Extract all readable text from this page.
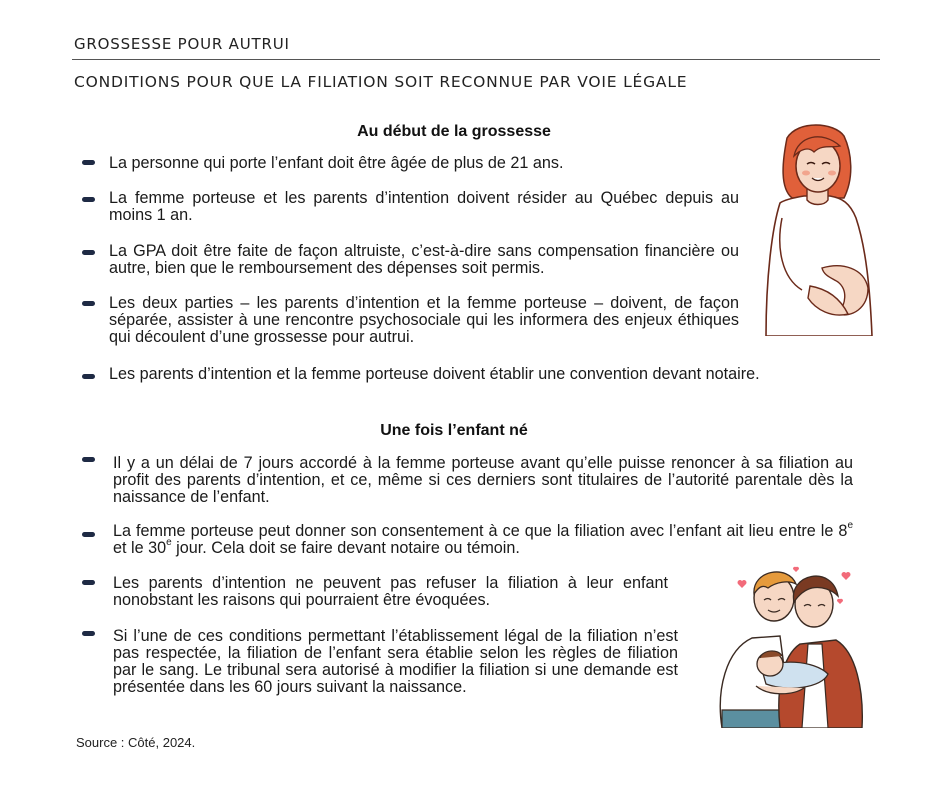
GROSSESSE POUR AUTRUI
CONDITIONS POUR QUE LA FILIATION SOIT RECONNUE PAR VOIE LÉGALE
Au début de la grossesse
La personne qui porte l’enfant doit être âgée de plus de 21 ans.
La femme porteuse et les parents d’intention doivent résider au Québec depuis au moins 1 an.
La GPA doit être faite de façon altruiste, c’est-à-dire sans compensation financière ou autre, bien que le remboursement des dépenses soit permis.
Les deux parties – les parents d’intention et la femme porteuse – doivent, de façon séparée, assister à une rencontre psychosociale qui les informera des enjeux éthiques qui découlent d’une grossesse pour autrui.
Les parents d’intention et la femme porteuse doivent établir une convention devant notaire.
Une fois l’enfant né
Il y a un délai de 7 jours accordé à la femme porteuse avant qu’elle puisse renoncer à sa filiation au profit des parents d’intention, et ce, même si ces derniers sont titulaires de l’autorité parentale dès la naissance de l’enfant.
La femme porteuse peut donner son consentement à ce que la filiation avec l’enfant ait lieu entre le 8e et le 30e jour. Cela doit se faire devant notaire ou témoin.
Les parents d’intention ne peuvent pas refuser la filiation à leur enfant nonobstant les raisons qui pourraient être évoquées.
Si l’une de ces conditions permettant l’établissement légal de la filiation n’est pas respectée, la filiation de l’enfant sera établie selon les règles de filiation par le sang. Le tribunal sera autorisé à modifier la filiation si une demande est présentée dans les 60 jours suivant la naissance.
Source : Côté, 2024.
